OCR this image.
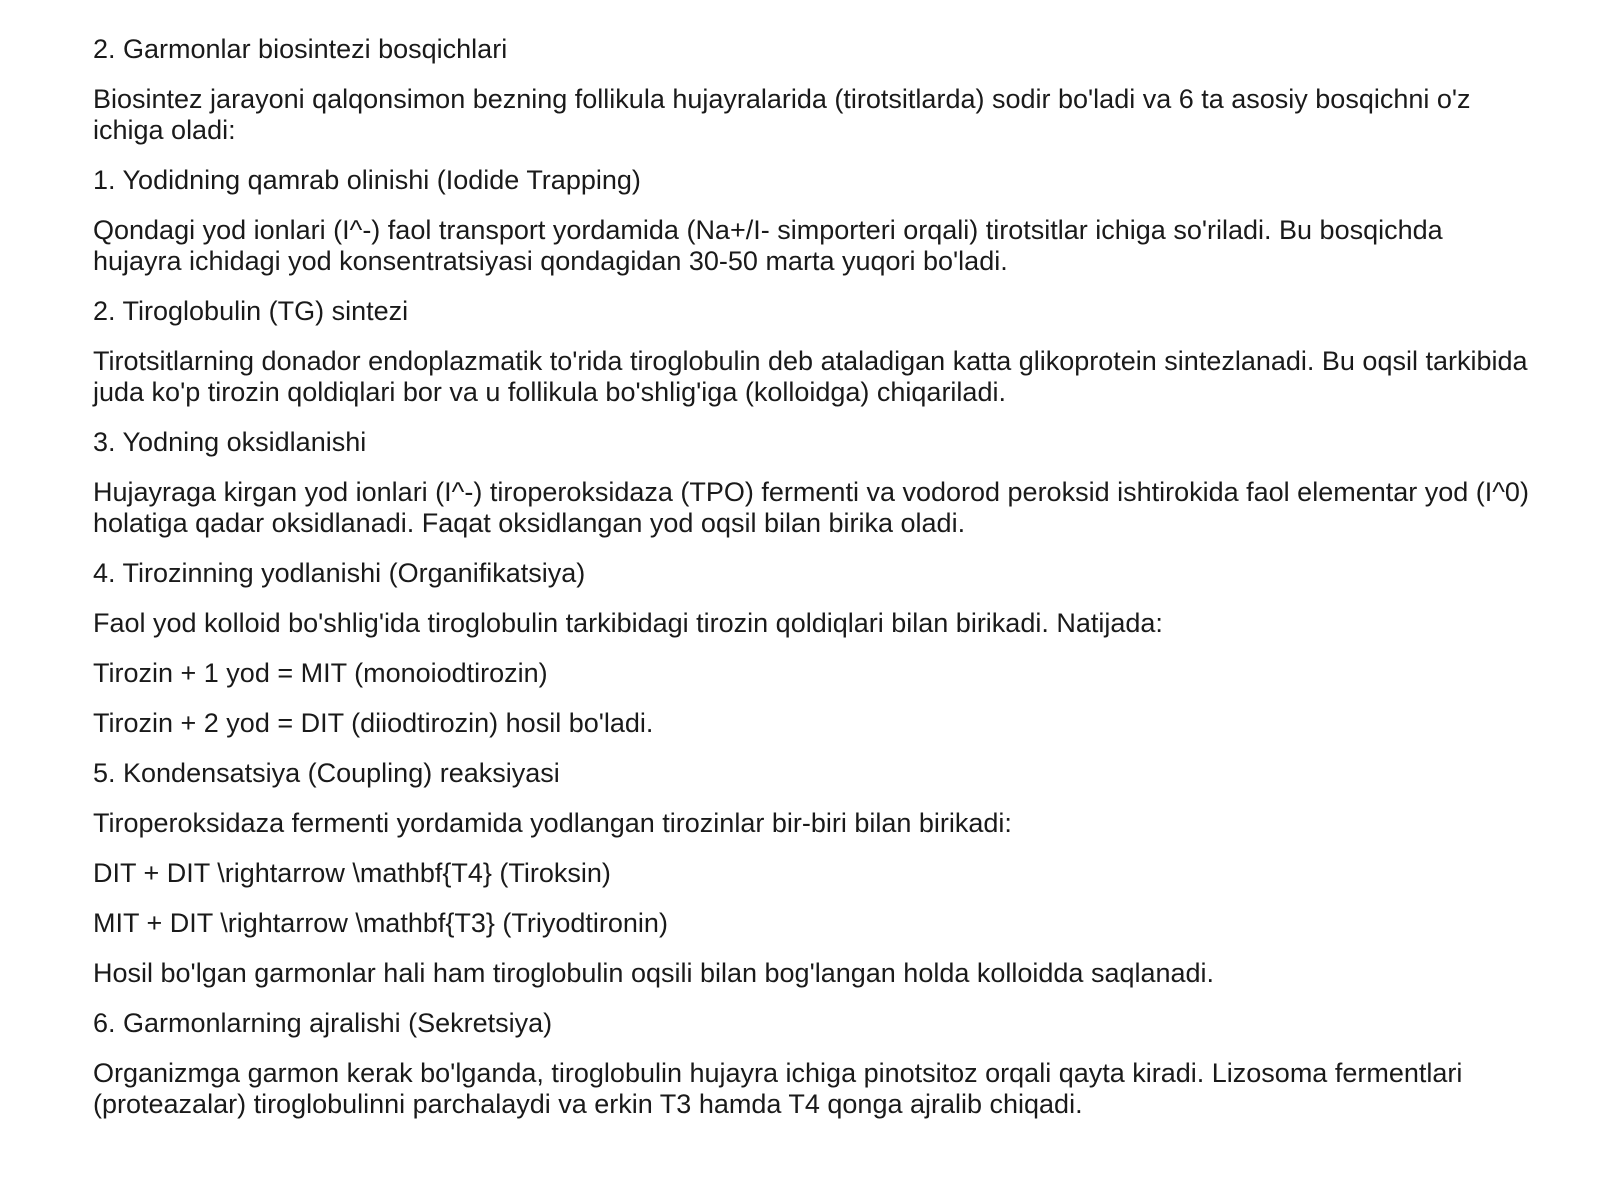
2. Garmonlar biosintezi bosqichlari

Biosintez jarayoni qalqonsimon bezning follikula hujayralarida (tirotsitlarda) sodir bo'ladi va 6 ta asosiy bosqichni o'z ichiga oladi:

1. Yodidning qamrab olinishi (Iodide Trapping)

Qondagi yod ionlari (I^-) faol transport yordamida (Na+/I- simporteri orqali) tirotsitlar ichiga so'riladi. Bu bosqichda hujayra ichidagi yod konsentratsiyasi qondagidan 30-50 marta yuqori bo'ladi.

2. Tiroglobulin (TG) sintezi

Tirotsitlarning donador endoplazmatik to'rida tiroglobulin deb ataladigan katta glikoprotein sintezlanadi. Bu oqsil tarkibida juda ko'p tirozin qoldiqlari bor va u follikula bo'shlig'iga (kolloidga) chiqariladi.

3. Yodning oksidlanishi

Hujayraga kirgan yod ionlari (I^-) tiroperoksidaza (TPO) fermenti va vodorod peroksid ishtirokida faol elementar yod (I^0) holatiga qadar oksidlanadi. Faqat oksidlangan yod oqsil bilan birika oladi.

4. Tirozinning yodlanishi (Organifikatsiya)

Faol yod kolloid bo'shlig'ida tiroglobulin tarkibidagi tirozin qoldiqlari bilan birikadi. Natijada:

Tirozin + 1 yod = MIT (monoiodtirozin)

Tirozin + 2 yod = DIT (diiodtirozin) hosil bo'ladi.

5. Kondensatsiya (Coupling) reaksiyasi

Tiroperoksidaza fermenti yordamida yodlangan tirozinlar bir-biri bilan birikadi:

DIT + DIT \rightarrow \mathbf{T4} (Tiroksin)

MIT + DIT \rightarrow \mathbf{T3} (Triyodtironin)

Hosil bo'lgan garmonlar hali ham tiroglobulin oqsili bilan bog'langan holda kolloidda saqlanadi.

6. Garmonlarning ajralishi (Sekretsiya)

Organizmga garmon kerak bo'lganda, tiroglobulin hujayra ichiga pinotsitoz orqali qayta kiradi. Lizosoma fermentlari (proteazalar) tiroglobulinni parchalaydi va erkin T3 hamda T4 qonga ajralib chiqadi.
